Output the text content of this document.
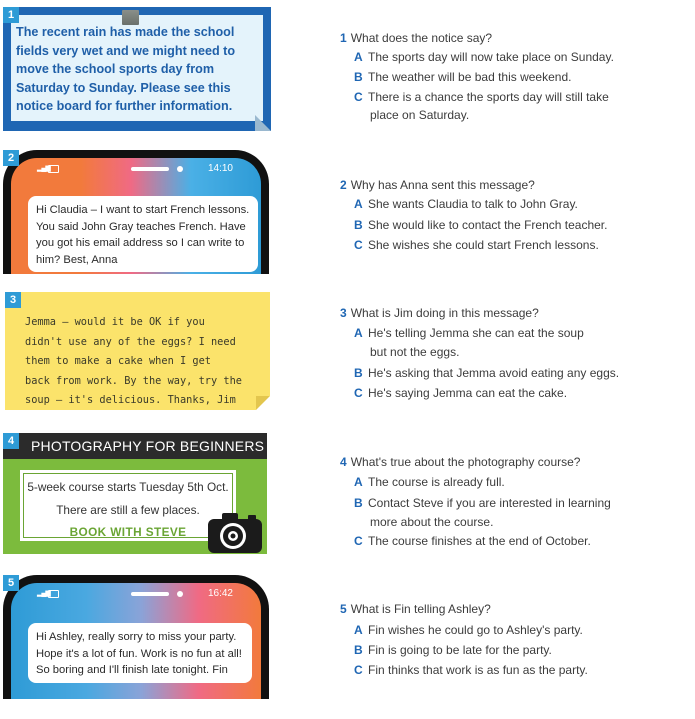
The recent rain has made the school fields very wet and we might need to move the school sports day from Saturday to Sunday. Please see this notice board for further information.
1
▂▄▆	14:10
Hi Claudia – I want to start French lessons. You said John Gray teaches French. Have you got his email address so I can write to him? Best, Anna
2
Jemma – would it be OK if you
didn't use any of the eggs? I need
them to make a cake when I get
back from work. By the way, try the
soup – it's delicious. Thanks, Jim
3
PHOTOGRAPHY FOR BEGINNERS
5-week course starts Tuesday 5th Oct.
There are still a few places.
BOOK WITH STEVE
4
▂▄▆	16:42
Hi Ashley, really sorry to miss your party. Hope it's a lot of fun. Work is no fun at all! So boring and I'll finish late tonight. Fin
5
1 What does the notice say?
A The sports day will now take place on Sunday.
B The weather will be bad this weekend.
C There is a chance the sports day will still take
place on Saturday.
2 Why has Anna sent this message?
A She wants Claudia to talk to John Gray.
B She would like to contact the French teacher.
C She wishes she could start French lessons.
3 What is Jim doing in this message?
A He's telling Jemma she can eat the soup
but not the eggs.
B He's asking that Jemma avoid eating any eggs.
C He's saying Jemma can eat the cake.
4 What's true about the photography course?
A The course is already full.
B Contact Steve if you are interested in learning
more about the course.
C The course finishes at the end of October.
5 What is Fin telling Ashley?
A Fin wishes he could go to Ashley's party.
B Fin is going to be late for the party.
C Fin thinks that work is as fun as the party.
